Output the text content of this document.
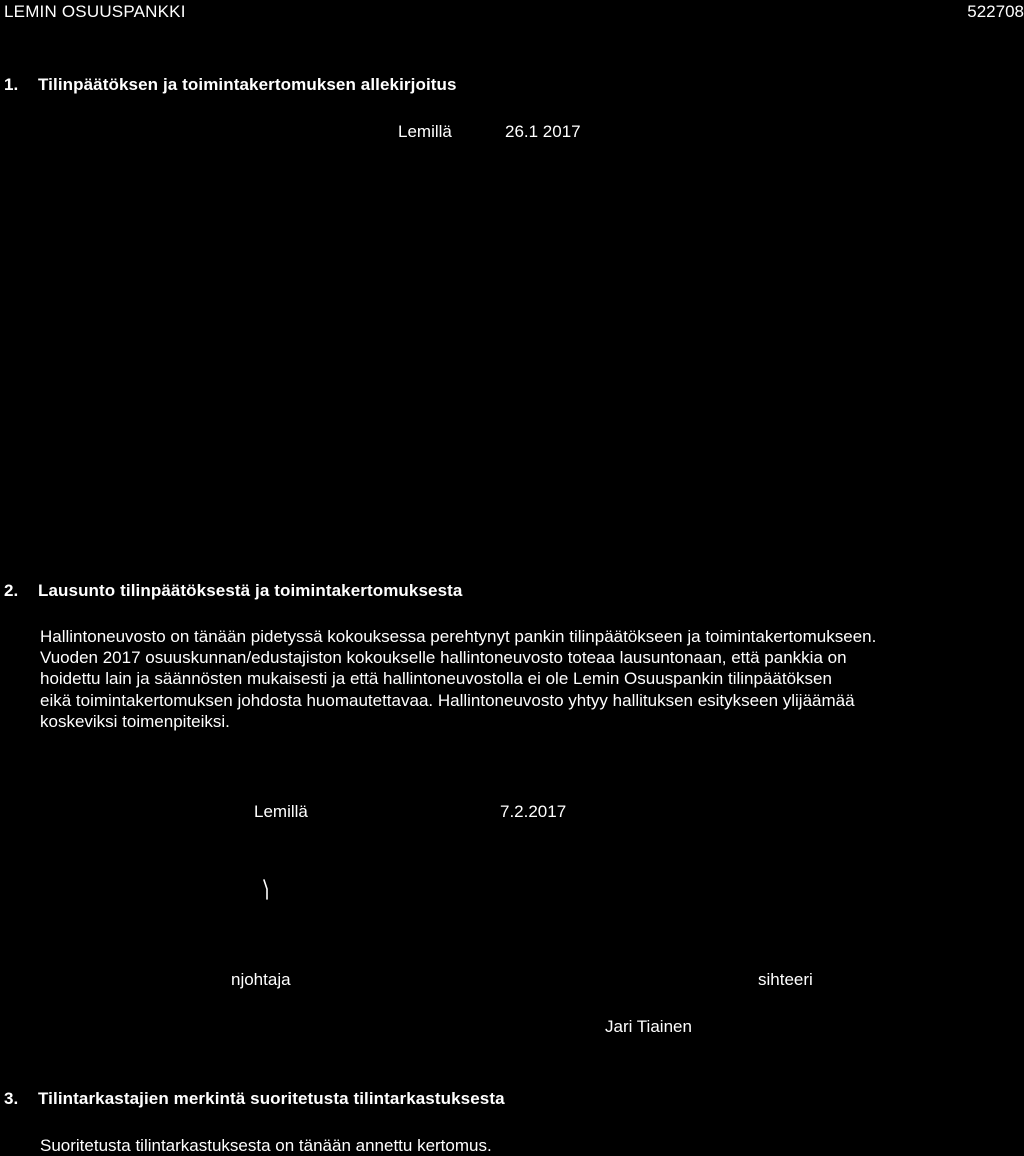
LEMIN OSUUSPANKKI	522708
1. Tilinpäätöksen ja toimintakertomuksen allekirjoitus
Lemillä	26.1 2017
2. Lausunto tilinpäätöksestä ja toimintakertomuksesta
Hallintoneuvosto on tänään pidetyssä kokouksessa perehtynyt pankin tilinpäätökseen ja toimintakertomukseen.
Vuoden 2017 osuuskunnan/edustajiston kokoukselle hallintoneuvosto toteaa lausuntonaan, että pankkia on
hoidettu lain ja säännösten mukaisesti ja että hallintoneuvostolla ei ole Lemin Osuuspankin tilinpäätöksen
eikä toimintakertomuksen johdosta huomautettavaa. Hallintoneuvosto yhtyy hallituksen esitykseen ylijäämää
koskeviksi toimenpiteiksi.
Lemillä	7.2.2017
njohtaja	sihteeri
Jari Tiainen
3. Tilintarkastajien merkintä suoritetusta tilintarkastuksesta
Suoritetusta tilintarkastuksesta on tänään annettu kertomus.
